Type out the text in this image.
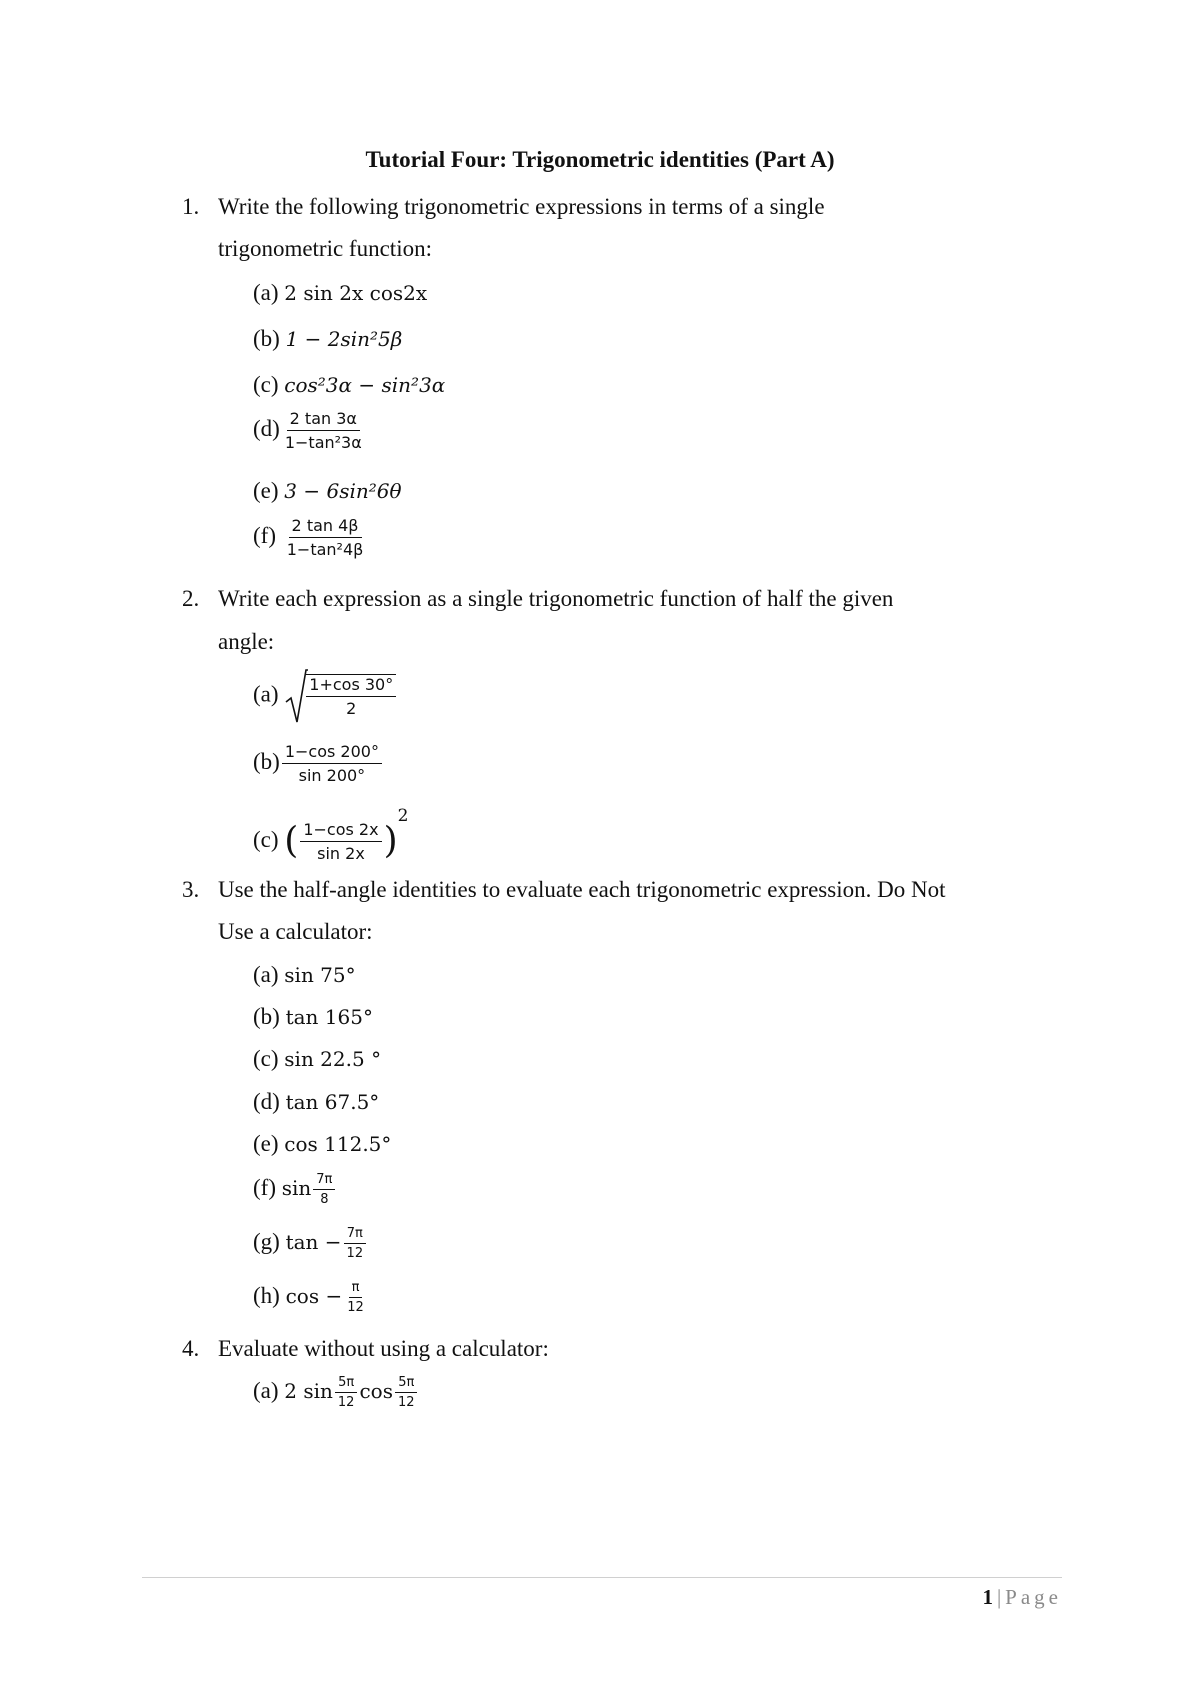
Tutorial Four: Trigonometric identities (Part A)
1. Write the following trigonometric expressions in terms of a single
trigonometric function:
(a) 2 sin 2x cos2x
(b) 1 − 2sin²5β
(c) cos²3α − sin²3α
$(d) \frac{2 \tan 3\alpha}{\text{1−tan²3α}}$
(e) 3 − 6sin²6θ
$(f) \frac{2 \tan 4\beta}{\text{1−tan²4β}}$
2. Write each expression as a single trigonometric function of half the given
angle:
$(a) \frac{1+\cos 30^\circ}{2}$
$(b) \frac{1-\cos 200^\circ}{\sin 200^\circ}$
(c) ( $\frac{1-\cos 2x}{\sin 2x} )^2$
3. Use the half-angle identities to evaluate each trigonometric expression. Do Not
Use a calculator:
(a) sin 75°
(b) tan 165°
(c) sin 22.5 °
(d) tan 67.5°
(e) cos 112.5°
(f) $\sin \frac{7\pi}{8}$
(g) $\tan - \frac{7\pi}{12}$
(h) $\cos - \frac{\pi}{12}$
4. Evaluate without using a calculator:
(a) 2 $\sin \frac{5\pi}{12}$ $\cos \frac{5\pi}{12}$
1 | Page
